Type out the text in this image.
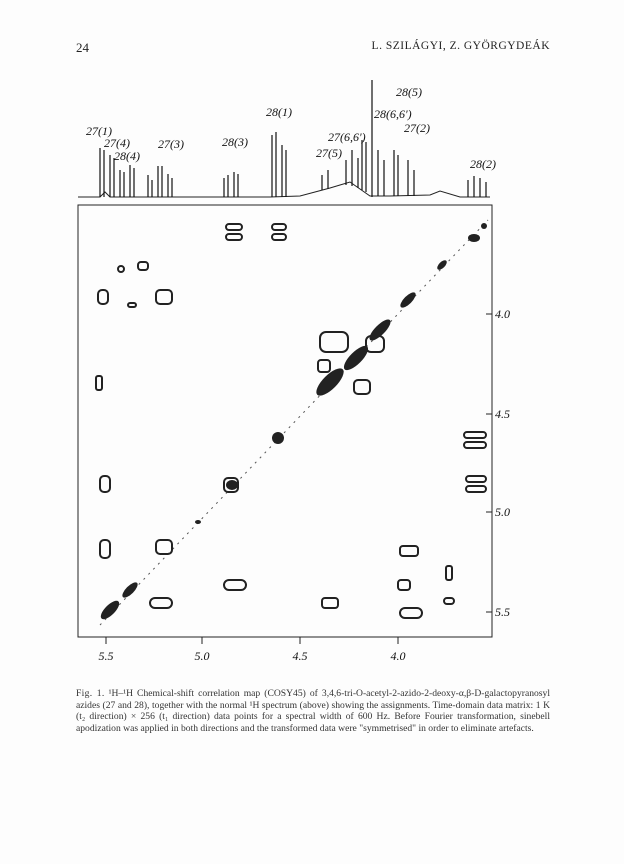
24	L. SZILÁGYI, Z. GYÖRGYDEÁK
27(1)
27(4)
28(4)
27(3)	28(3)
28(1)
27(6,6')
27(5)
28(6,6')
28(5)
27(2)
28(2)
5.5	5.0	4.5	4.0
4.0
4.5
5.0
5.5
Fig. 1. ¹H–¹H Chemical-shift correlation map (COSY45) of 3,4,6-tri-O-acetyl-2-azido-2-deoxy-α,β-D-galactopyranosyl azides (27 and 28), together with the normal ¹H spectrum (above) showing the assignments. Time-domain data matrix: 1 K (t₂ direction) × 256 (t₁ direction) data points for a spectral width of 600 Hz. Before Fourier transformation, sinebell apodization was applied in both directions and the transformed data were "symmetrised" in order to eliminate artefacts.
